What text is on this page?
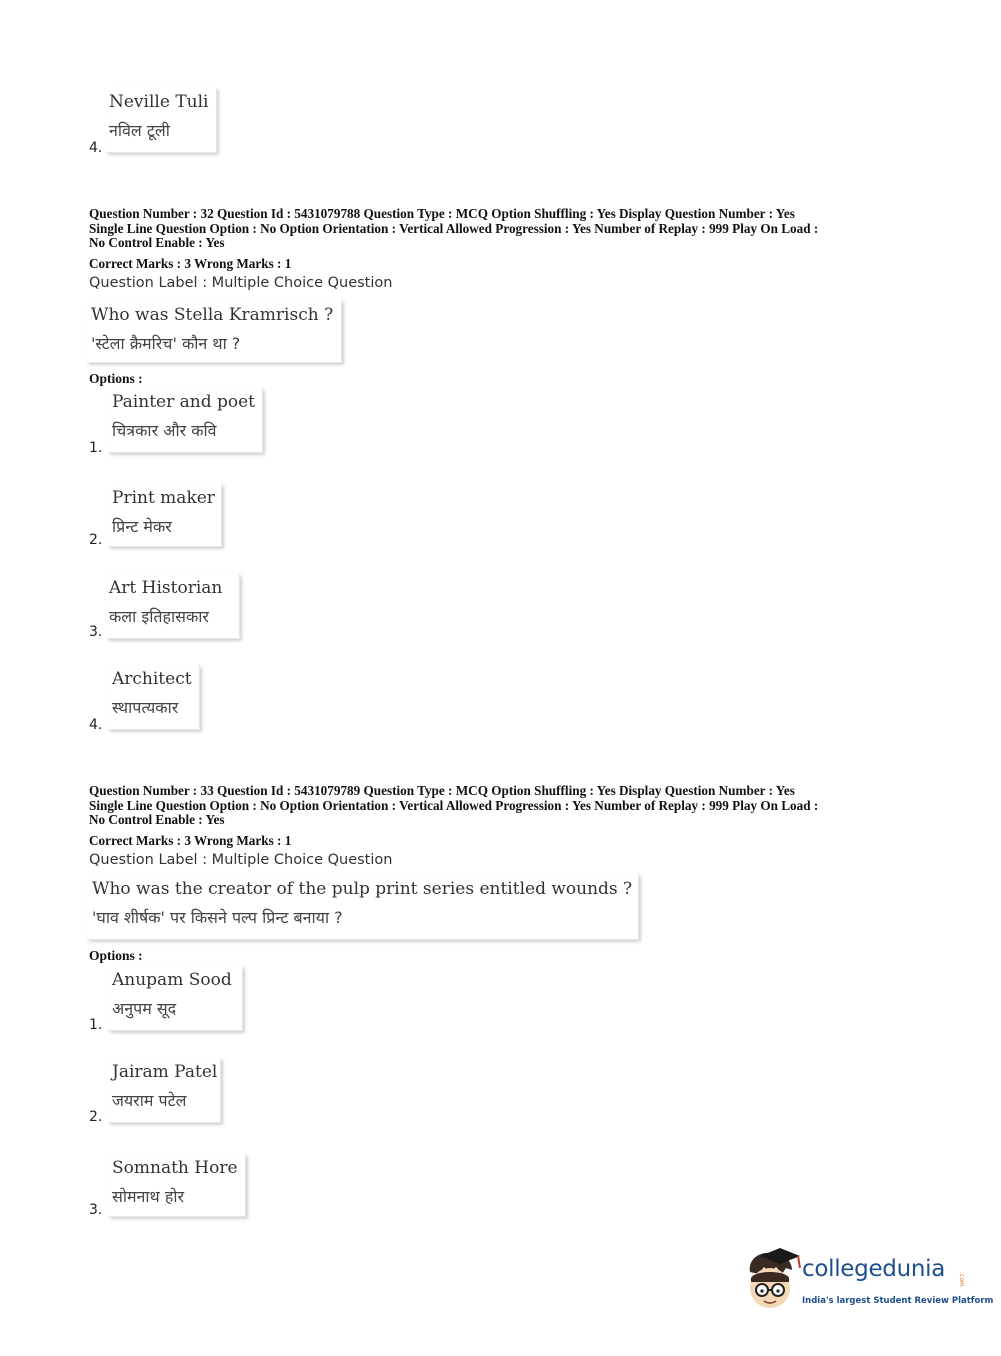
Neville Tuli
नविल टूली
4.
Question Number : 32 Question Id : 5431079788 Question Type : MCQ Option Shuffling : Yes Display Question Number : Yes
Single Line Question Option : No Option Orientation : Vertical Allowed Progression : Yes Number of Replay : 999 Play On Load :
No Control Enable : Yes
Correct Marks : 3 Wrong Marks : 1
Question Label : Multiple Choice Question
Who was Stella Kramrisch ?
'स्टेला क्रैमरिच' कौन था ?
Options :
Painter and poet
चित्रकार और कवि
1.
Print maker
प्रिन्ट मेकर
2.
Art Historian
कला इतिहासकार
3.
Architect
स्थापत्यकार
4.
Question Number : 33 Question Id : 5431079789 Question Type : MCQ Option Shuffling : Yes Display Question Number : Yes
Single Line Question Option : No Option Orientation : Vertical Allowed Progression : Yes Number of Replay : 999 Play On Load :
No Control Enable : Yes
Correct Marks : 3 Wrong Marks : 1
Question Label : Multiple Choice Question
Who was the creator of the pulp print series entitled wounds ?
'घाव शीर्षक' पर किसने पल्प प्रिन्ट बनाया ?
Options :
Anupam Sood
अनुपम सूद
1.
Jairam Patel
जयराम पटेल
2.
Somnath Hore
सोमनाथ होर
3.
collegedunia .com
India's largest Student Review Platform
